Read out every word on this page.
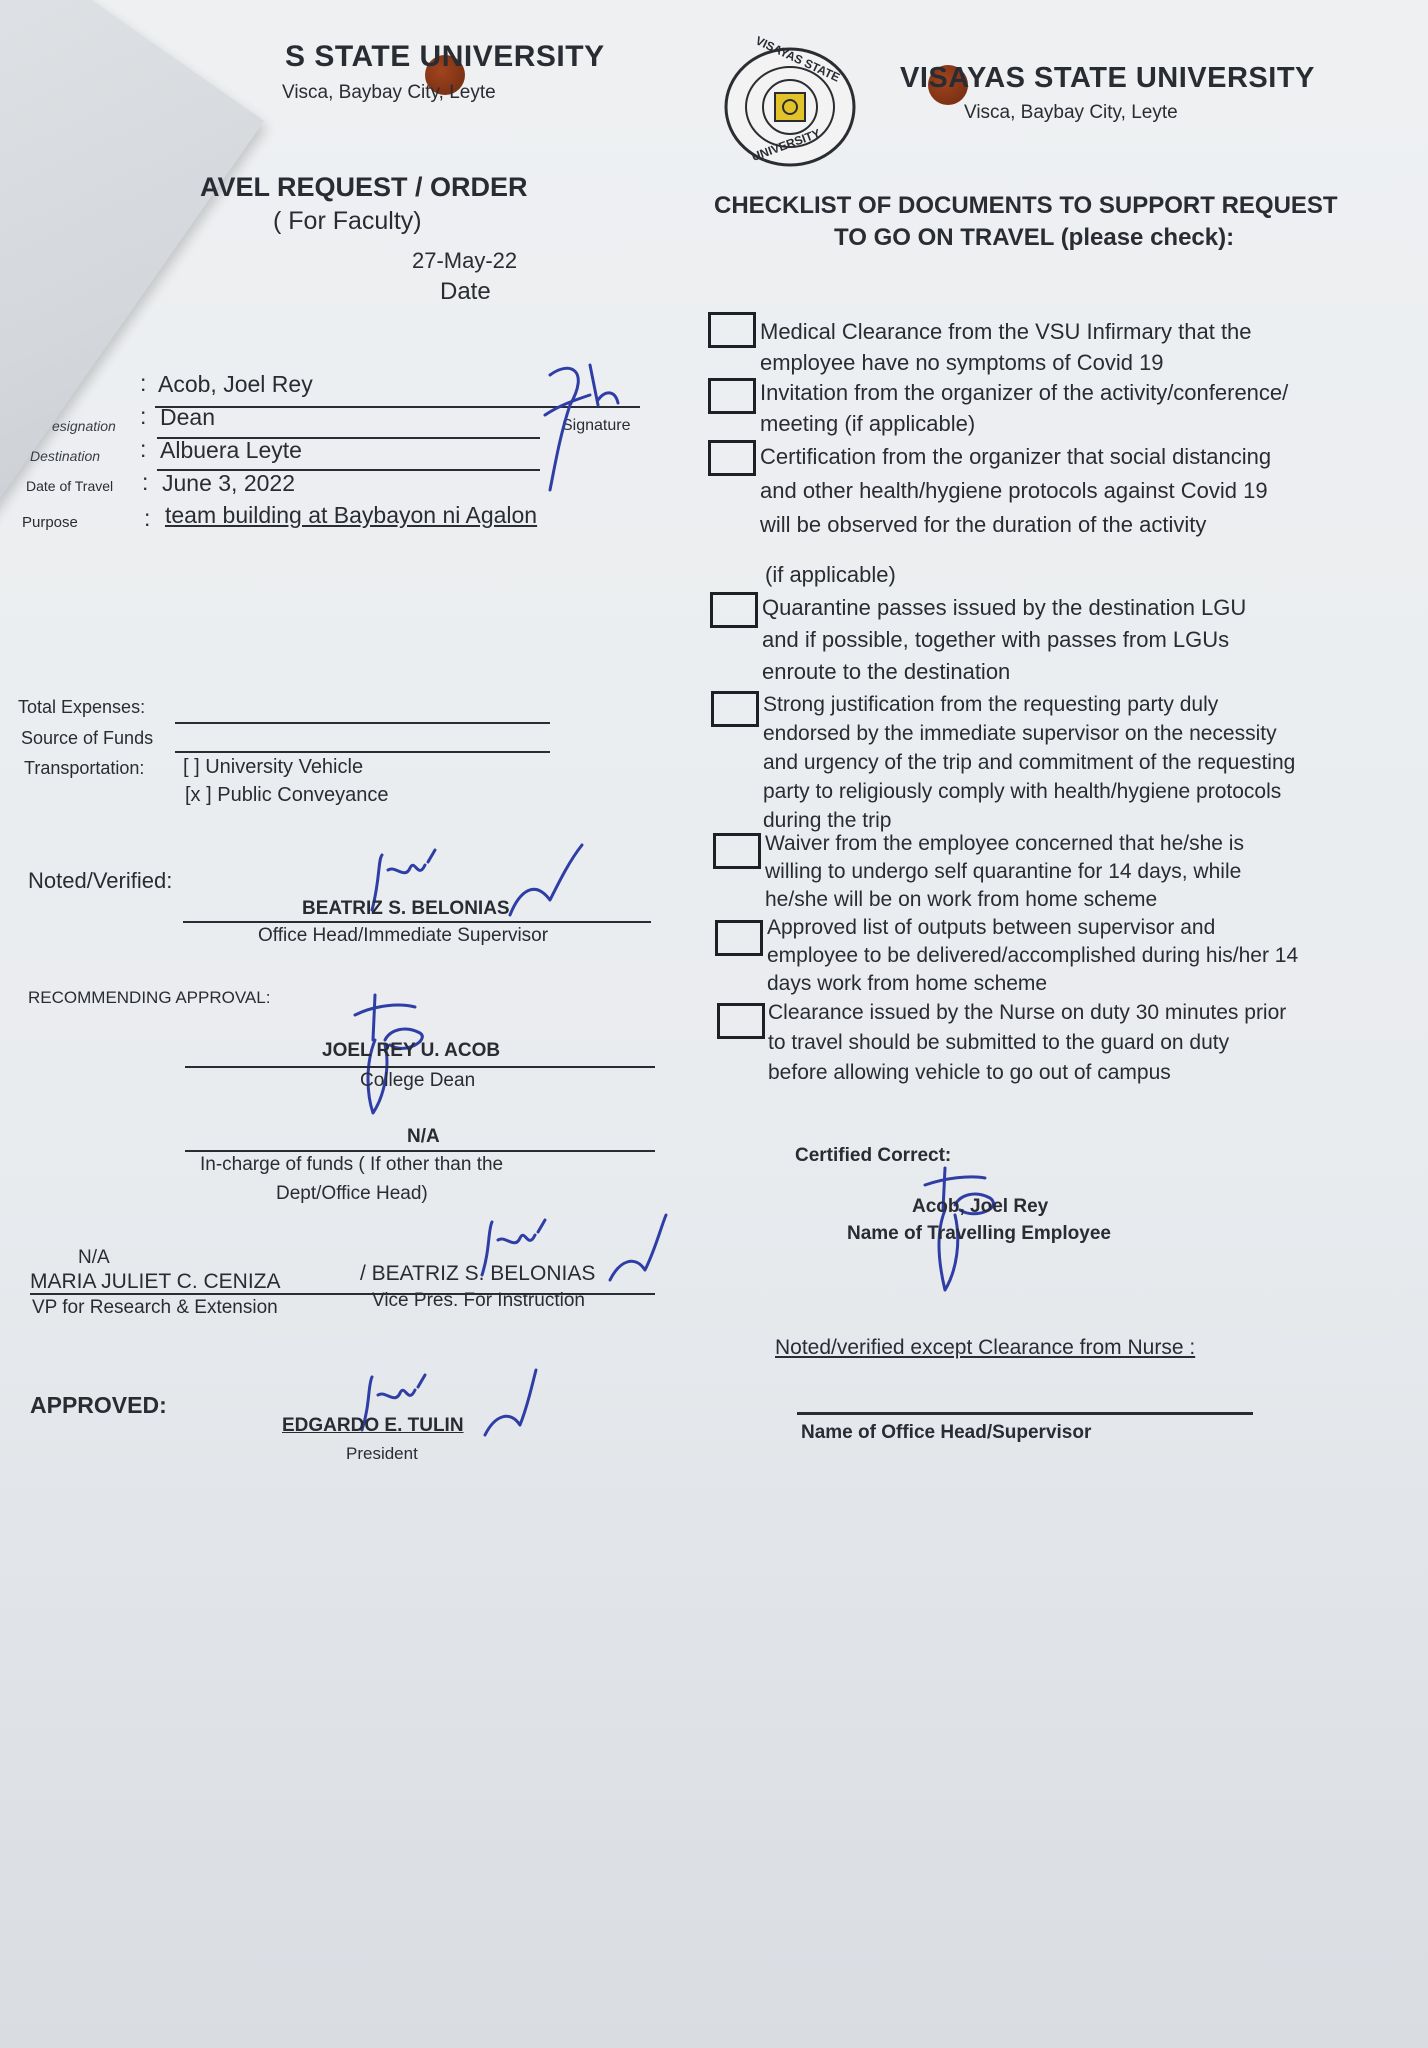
S STATE UNIVERSITY
Visca, Baybay City, Leyte
AVEL REQUEST / ORDER
( For Faculty)
27-May-22
Date
: Acob, Joel Rey
esignation : Dean
Destination : Albuera Leyte
Date of Travel : June 3, 2022
Purpose	: team building at Baybayon ni Agalon
Signature
Total Expenses:
Source of Funds
Transportation: [ ] University Vehicle
[x ] Public Conveyance
Noted/Verified:
BEATRIZ S. BELONIAS
Office Head/Immediate Supervisor
RECOMMENDING APPROVAL:
JOEL REY U. ACOB
College Dean
N/A
In-charge of funds ( If other than the
Dept/Office Head)
N/A
MARIA JULIET C. CENIZA
VP for Research & Extension
/ BEATRIZ S. BELONIAS
Vice Pres. For Instruction
APPROVED:
EDGARDO E. TULIN
President
VISAYAS STATE
UNIVERSITY
VISAYAS STATE UNIVERSITY
Visca, Baybay City, Leyte
CHECKLIST OF DOCUMENTS TO SUPPORT REQUEST
TO GO ON TRAVEL (please check):
Medical Clearance from the VSU Infirmary that the employee have no symptoms of Covid 19
Invitation from the organizer of the activity/conference/ meeting (if applicable)
Certification from the organizer that social distancing and other health/hygiene protocols against Covid 19 will be observed for the duration of the activity
(if applicable)
Quarantine passes issued by the destination LGU and if possible, together with passes from LGUs enroute to the destination
Strong justification from the requesting party duly endorsed by the immediate supervisor on the necessity and urgency of the trip and commitment of the requesting party to religiously comply with health/hygiene protocols during the trip
Waiver from the employee concerned that he/she is willing to undergo self quarantine for 14 days, while he/she will be on work from home scheme
Approved list of outputs between supervisor and employee to be delivered/accomplished during his/her 14 days work from home scheme
Clearance issued by the Nurse on duty 30 minutes prior to travel should be submitted to the guard on duty before allowing vehicle to go out of campus
Certified Correct:
Acob, Joel Rey
Name of Travelling Employee
Noted/verified except Clearance from Nurse :
Name of Office Head/Supervisor
